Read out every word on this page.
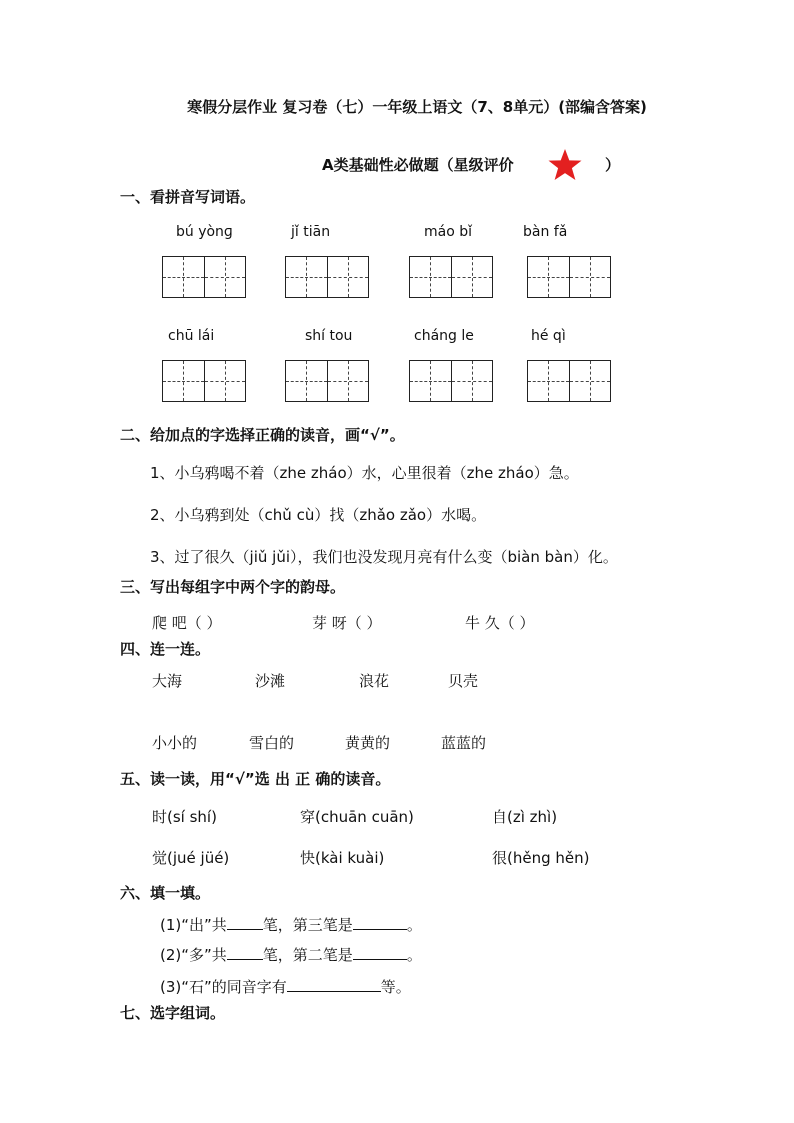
寒假分层作业 复习卷（七）一年级上语文（7、8单元）(部编含答案)
A类基础性必做题（星级评价	）
一、看拼音写词语。
bú yònɡ	jǐ tiān	máo bǐ	bàn fǎ
chū lái	shí tou	cháng le	hé qì
二、给加点的字选择正确的读音，画“√”。
1、小乌鸦喝不着（zhe zháo）水，心里很着（zhe zháo）急。
2、小乌鸦到处（chǔ cù）找（zhǎo zǎo）水喝。
3、过了很久（jiǔ jǔi），我们也没发现月亮有什么变（biàn bàn）化。
三、写出每组字中两个字的韵母。
爬 吧（ ）	芽 呀（ ）	牛 久（ ）
四、连一连。
大海	沙滩	浪花	贝壳
小小的	雪白的	黄黄的	蓝蓝的
五、读一读，用“√”选 出 正 确的读音。
时(sí shí)	穿(chuān cuān)	自(zì zhì)
觉(jué jüé)	快(kài kuài)	很(hěng hěn)
六、填一填。
(1)“出”共 笔，第三笔是	。
(2)“多”共 笔，第二笔是	。
(3)“石”的同音字有	等。
七、选字组词。
